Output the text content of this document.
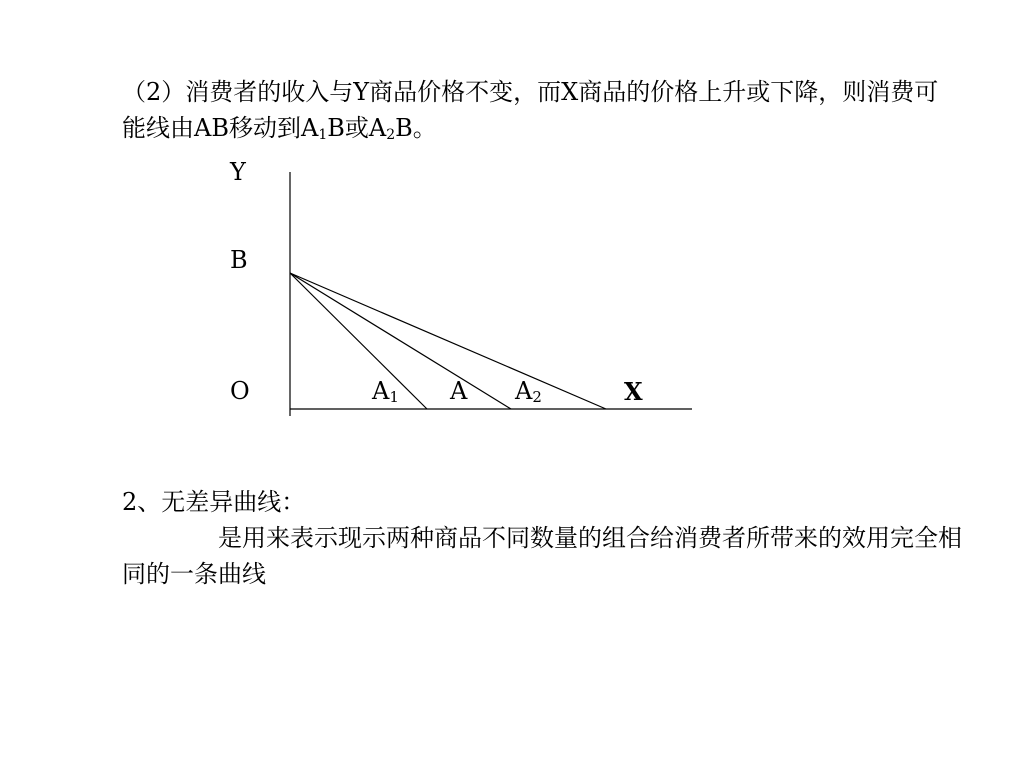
（2）消费者的收入与Y商品价格不变，而X商品的价格上升或下降，则消费可能线由AB移动到$A_1B$或$A_2B$。
Y
B
O	$A_1$ A $A_2$	X
2、无差异曲线：
是用来表示现示两种商品不同数量的组合给消费者所带来的效用完全相同的一条曲线
